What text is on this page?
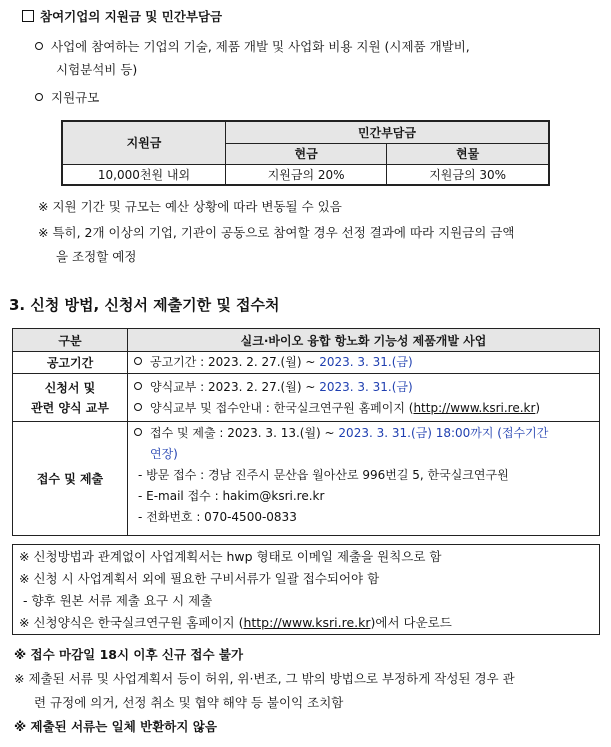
참여기업의 지원금 및 민간부담금
사업에 참여하는 기업의 기술, 제품 개발 및 사업화 비용 지원 (시제품 개발비,
시험분석비 등)
지원규모
지원금	민간부담금	
	현금	현물
10,000천원 내외	지원금의 20%	지원금의 30%
※ 지원 기간 및 규모는 예산 상황에 따라 변동될 수 있음
※ 특히, 2개 이상의 기업, 기관이 공동으로 참여할 경우 선정 결과에 따라 지원금의 금액
을 조정할 예정
3. 신청 방법, 신청서 제출기한 및 접수처
구분	실크·바이오 융합 항노화 기능성 제품개발 사업
공고기간	공고기간 : 2023. 2. 27.(월) ~ 2023. 3. 31.(금)

신청서 및
관련 양식 교부	양식교부 : 2023. 2. 27.(월) ~ 2023. 3. 31.(금)
양식교부 및 접수안내 : 한국실크연구원 홈페이지 (http://www.ksri.re.kr)

접수 및 제출	접수 및 제출 : 2023. 3. 13.(월) ~ 2023. 3. 31.(금) 18:00까지 (접수기간
연장)
- 방문 접수 : 경남 진주시 문산읍 월아산로 996번길 5, 한국실크연구원
- E-mail 접수 : hakim@ksri.re.kr
- 전화번호 : 070-4500-0833
※ 신청방법과 관계없이 사업계획서는 hwp 형태로 이메일 제출을 원칙으로 함
※ 신청 시 사업계획서 외에 필요한 구비서류가 일괄 접수되어야 함
- 향후 원본 서류 제출 요구 시 제출
※ 신청양식은 한국실크연구원 홈페이지 (http://www.ksri.re.kr)에서 다운로드
※ 접수 마감일 18시 이후 신규 접수 불가
※ 제출된 서류 및 사업계획서 등이 허위, 위·변조, 그 밖의 방법으로 부정하게 작성된 경우 관
련 규정에 의거, 선정 취소 및 협약 해약 등 불이익 조치함
※ 제출된 서류는 일체 반환하지 않음
